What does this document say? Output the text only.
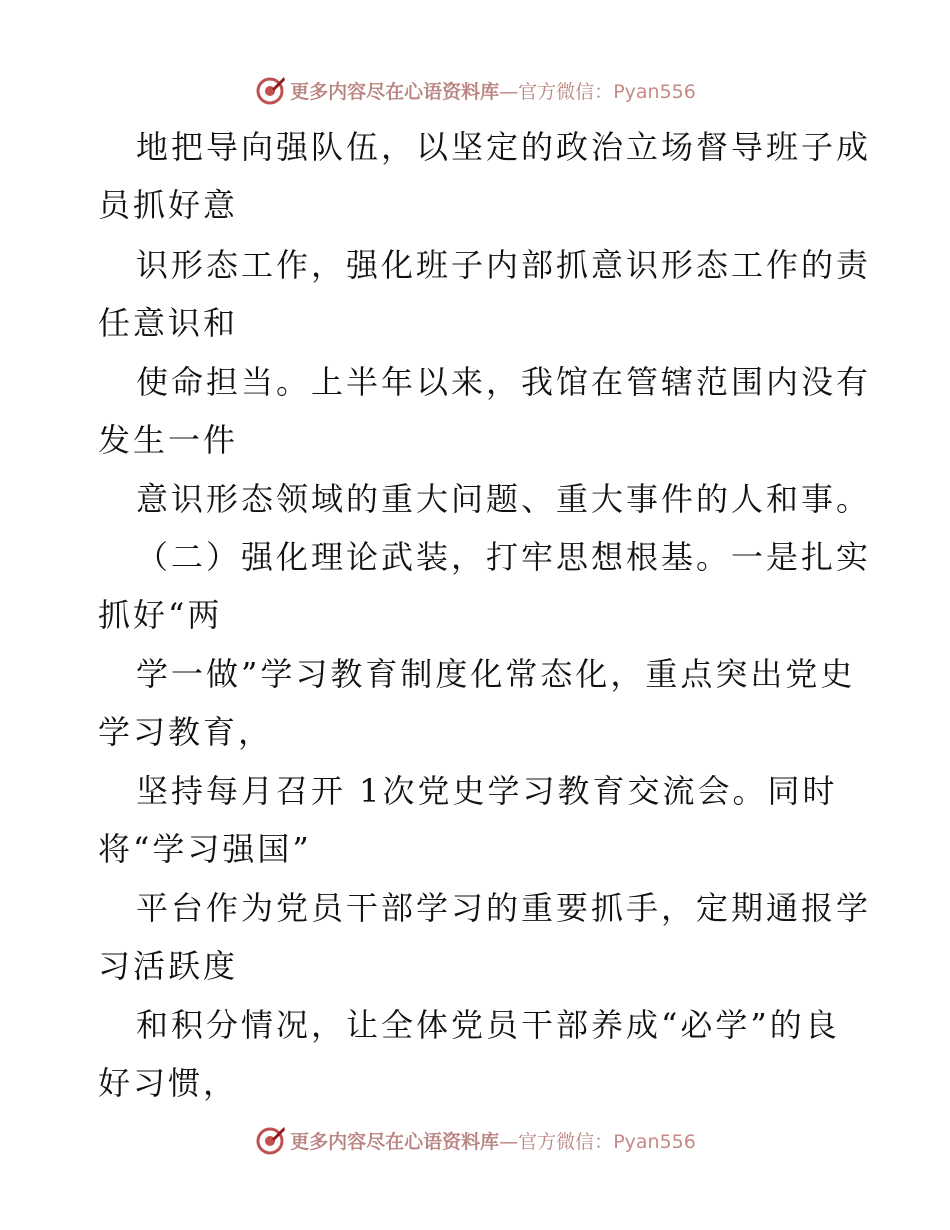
更多内容尽在心语资料库—官方微信：Pyan556
地把导向强队伍，以坚定的政治立场督导班子成
员抓好意
识形态工作，强化班子内部抓意识形态工作的责
任意识和
使命担当。上半年以来，我馆在管辖范围内没有
发生一件
意识形态领域的重大问题、重大事件的人和事。
（二）强化理论武装，打牢思想根基。一是扎实
抓好“两
学一做”学习教育制度化常态化，重点突出党史
学习教育，
坚持每月召开 1次党史学习教育交流会。同时
将“学习强国”
平台作为党员干部学习的重要抓手，定期通报学
习活跃度
和积分情况，让全体党员干部养成“必学”的良
好习惯，
更多内容尽在心语资料库—官方微信：Pyan556
